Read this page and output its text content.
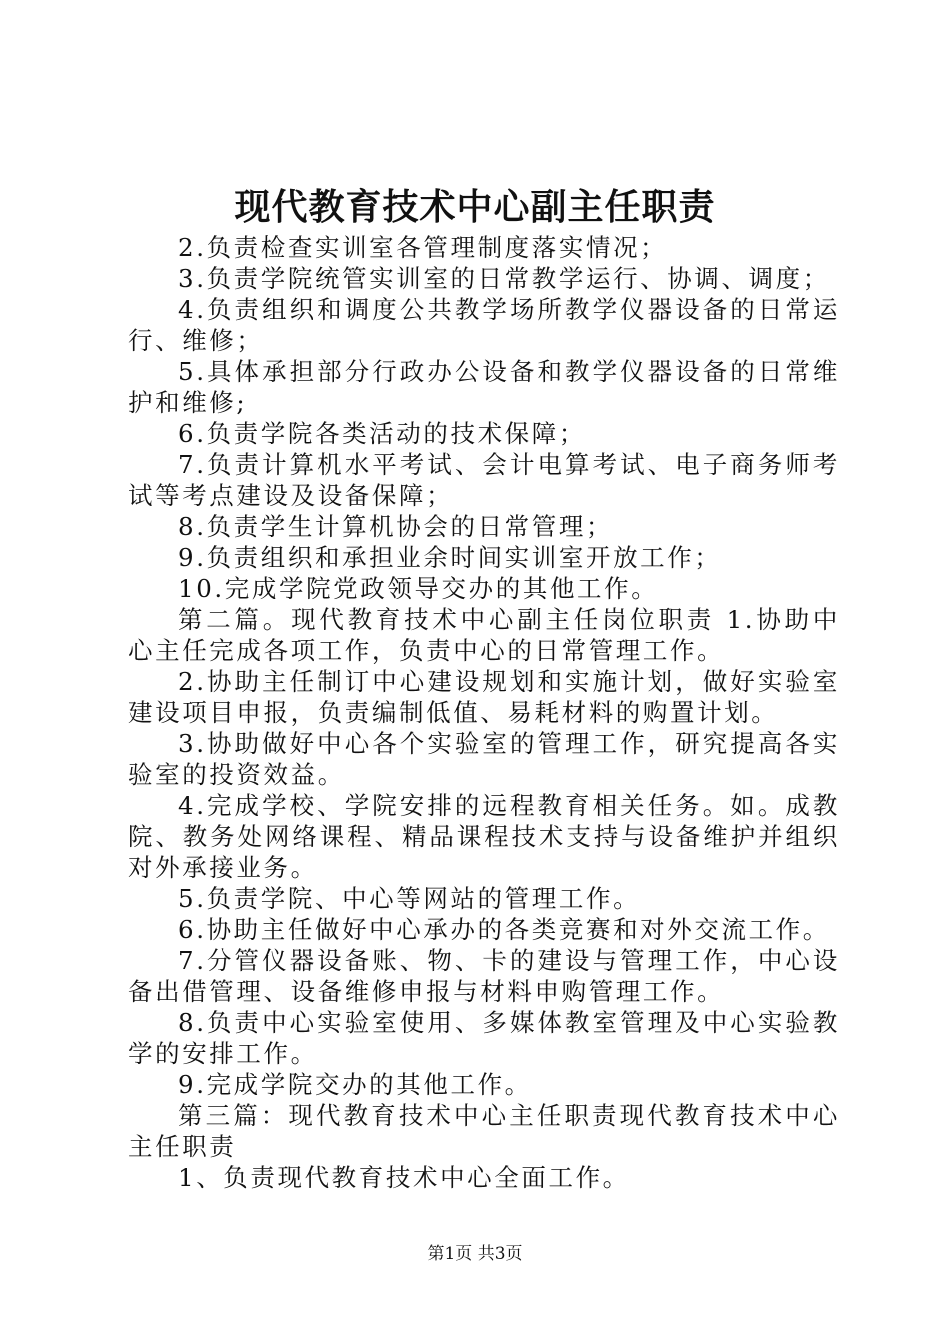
现代教育技术中心副主任职责

2.负责检查实训室各管理制度落实情况；

3.负责学院统管实训室的日常教学运行、协调、调度；

4.负责组织和调度公共教学场所教学仪器设备的日常运行、维修；

5.具体承担部分行政办公设备和教学仪器设备的日常维护和维修;

6.负责学院各类活动的技术保障；

7.负责计算机水平考试、会计电算考试、电子商务师考试等考点建设及设备保障；

8.负责学生计算机协会的日常管理；

9.负责组织和承担业余时间实训室开放工作；

10.完成学院党政领导交办的其他工作。

第二篇。现代教育技术中心副主任岗位职责 1.协助中心主任完成各项工作，负责中心的日常管理工作。

2.协助主任制订中心建设规划和实施计划，做好实验室建设项目申报，负责编制低值、易耗材料的购置计划。

3.协助做好中心各个实验室的管理工作，研究提高各实验室的投资效益。

4.完成学校、学院安排的远程教育相关任务。如。成教院、教务处网络课程、精品课程技术支持与设备维护并组织对外承接业务。

5.负责学院、中心等网站的管理工作。

6.协助主任做好中心承办的各类竞赛和对外交流工作。

7.分管仪器设备账、物、卡的建设与管理工作，中心设备出借管理、设备维修申报与材料申购管理工作。

8.负责中心实验室使用、多媒体教室管理及中心实验教学的安排工作。

9.完成学院交办的其他工作。

第三篇：现代教育技术中心主任职责现代教育技术中心主任职责

1、负责现代教育技术中心全面工作。

第1页 共3页
